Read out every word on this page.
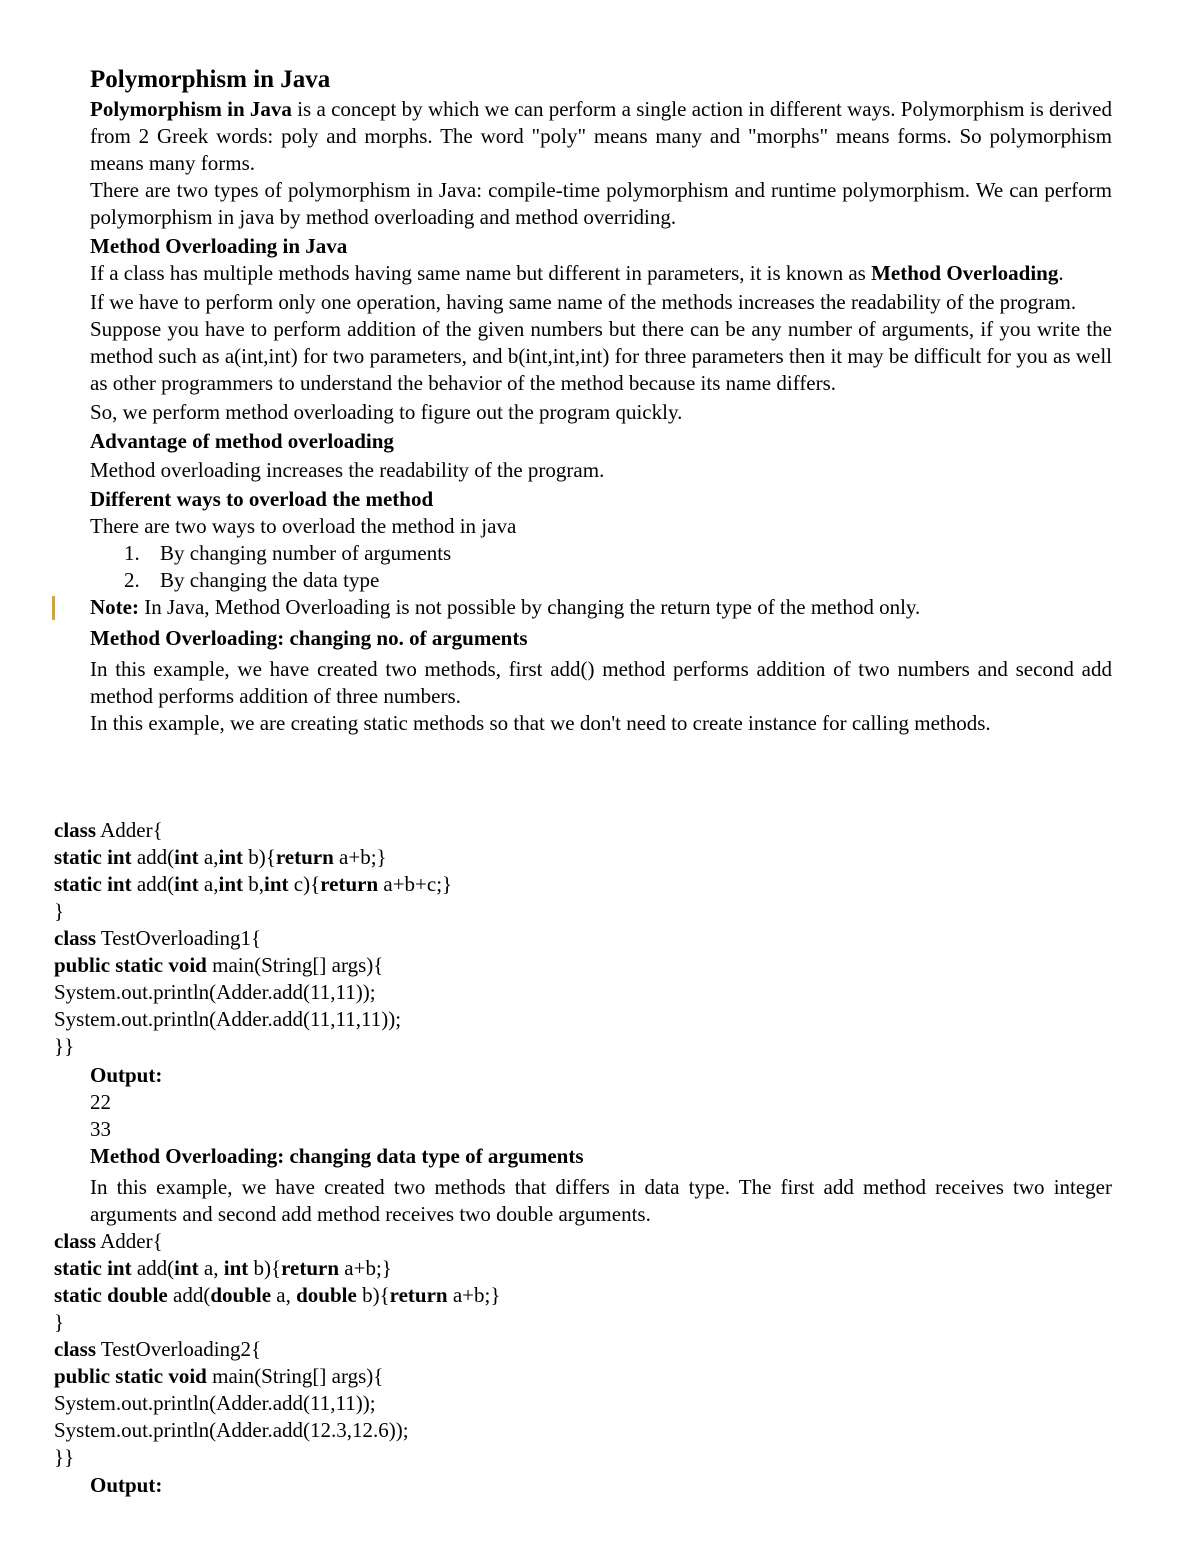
Polymorphism in Java

Polymorphism in Java is a concept by which we can perform a single action in different ways. Polymorphism is derived from 2 Greek words: poly and morphs. The word "poly" means many and "morphs" means forms. So polymorphism means many forms.

There are two types of polymorphism in Java: compile-time polymorphism and runtime polymorphism. We can perform polymorphism in java by method overloading and method overriding.

Method Overloading in Java

If a class has multiple methods having same name but different in parameters, it is known as Method Overloading.

If we have to perform only one operation, having same name of the methods increases the readability of the program.

Suppose you have to perform addition of the given numbers but there can be any number of arguments, if you write the method such as a(int,int) for two parameters, and b(int,int,int) for three parameters then it may be difficult for you as well as other programmers to understand the behavior of the method because its name differs.

So, we perform method overloading to figure out the program quickly.

Advantage of method overloading

Method overloading increases the readability of the program.

Different ways to overload the method

There are two ways to overload the method in java

1. By changing number of arguments
2. By changing the data type
Note: In Java, Method Overloading is not possible by changing the return type of the method only.
Method Overloading: changing no. of arguments

In this example, we have created two methods, first add() method performs addition of two numbers and second add method performs addition of three numbers.

In this example, we are creating static methods so that we don't need to create instance for calling methods.

class Adder{
static int add(int a,int b){return a+b;}
static int add(int a,int b,int c){return a+b+c;}
}
class TestOverloading1{
public static void main(String[] args){
System.out.println(Adder.add(11,11));
System.out.println(Adder.add(11,11,11));
}}
Output:
22
33
Method Overloading: changing data type of arguments

In this example, we have created two methods that differs in data type. The first add method receives two integer arguments and second add method receives two double arguments.

class Adder{
static int add(int a, int b){return a+b;}
static double add(double a, double b){return a+b;}
}
class TestOverloading2{
public static void main(String[] args){
System.out.println(Adder.add(11,11));
System.out.println(Adder.add(12.3,12.6));
}}
Output:
